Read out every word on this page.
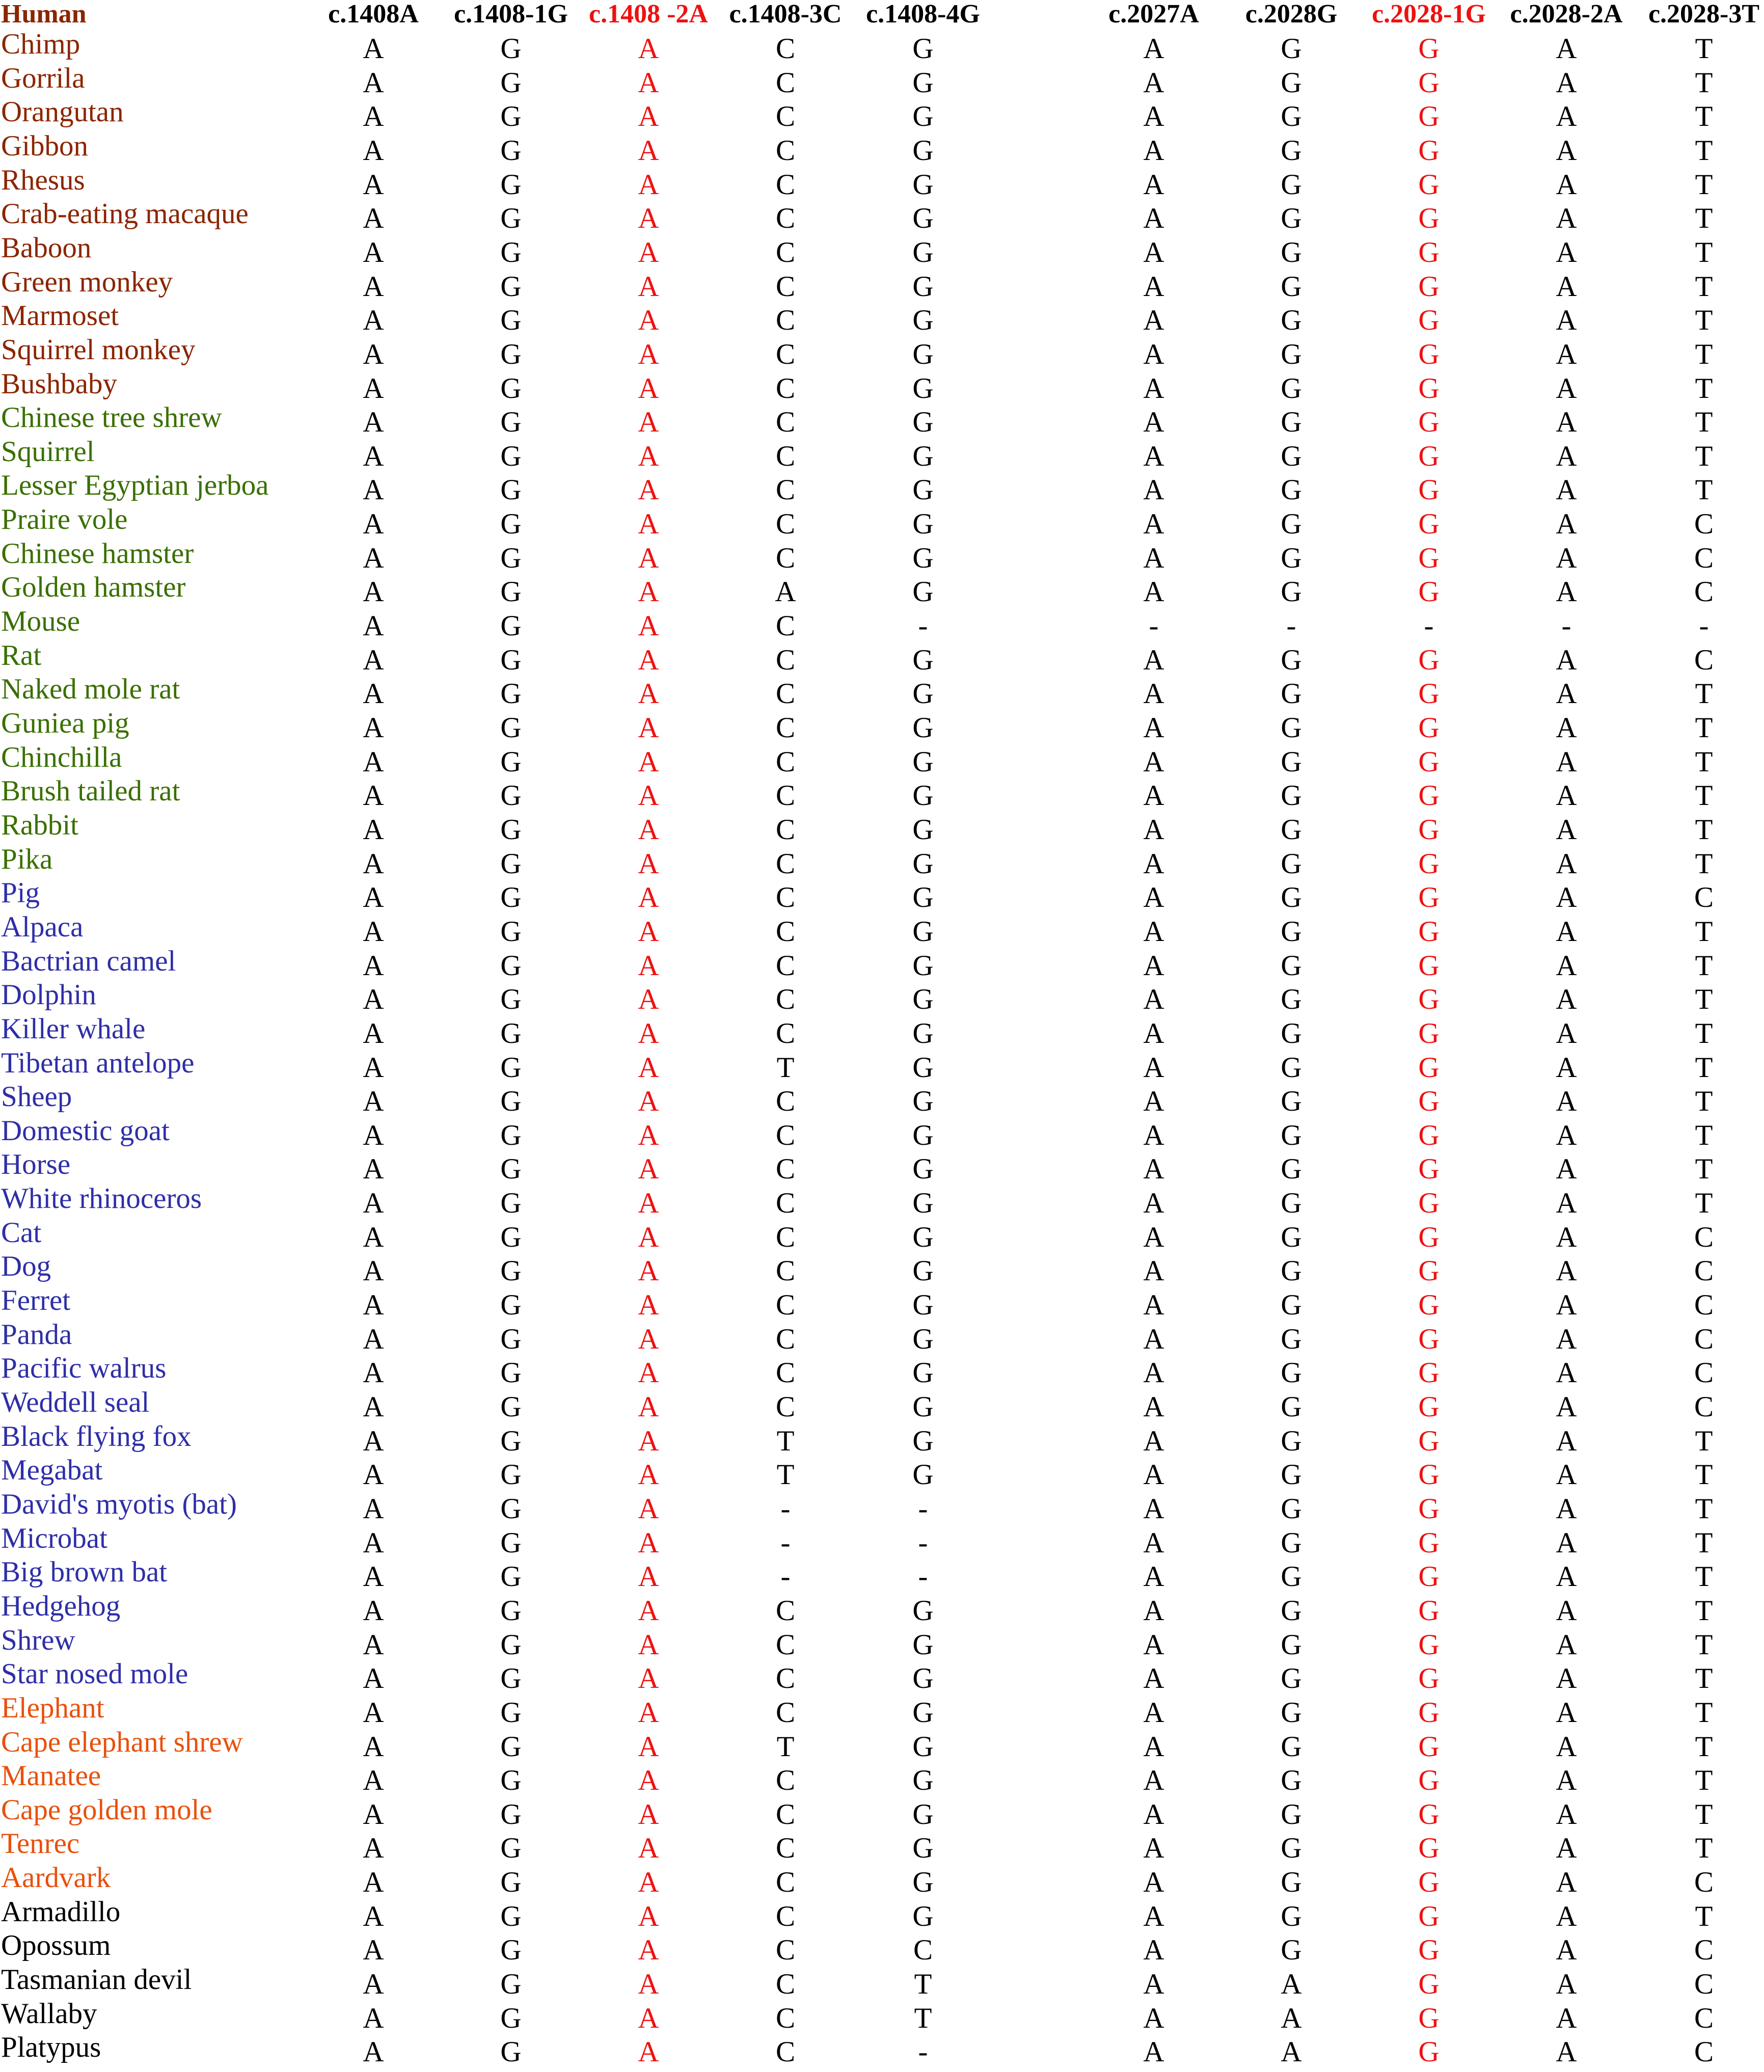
Human	c.1408A	c.1408-1G c.1408 -2A c.1408-3C c.1408-4G	c.2027A	c.2028G	c.2028-1G c.2028-2A c.2028-3T
Chimp	A	G	A	C	G	A	G	G	A	T
Gorrila	A	G	A	C	G	A	G	G	A	T
Orangutan	A	G	A	C	G	A	G	G	A	T
Gibbon	A	G	A	C	G	A	G	G	A	T
Rhesus	A	G	A	C	G	A	G	G	A	T
Crab-eating macaque	A	G	A	C	G	A	G	G	A	T
Baboon	A	G	A	C	G	A	G	G	A	T
Green monkey	A	G	A	C	G	A	G	G	A	T
Marmoset	A	G	A	C	G	A	G	G	A	T
Squirrel monkey	A	G	A	C	G	A	G	G	A	T
Bushbaby	A	G	A	C	G	A	G	G	A	T
Chinese tree shrew	A	G	A	C	G	A	G	G	A	T
Squirrel	A	G	A	C	G	A	G	G	A	T
Lesser Egyptian jerboa	A	G	A	C	G	A	G	G	A	T
Praire vole	A	G	A	C	G	A	G	G	A	C
Chinese hamster	A	G	A	C	G	A	G	G	A	C
Golden hamster	A	G	A	A	G	A	G	G	A	C
Mouse	A	G	A	C	-	-	-	-	-	-
Rat	A	G	A	C	G	A	G	G	A	C
Naked mole rat	A	G	A	C	G	A	G	G	A	T
Guniea pig	A	G	A	C	G	A	G	G	A	T
Chinchilla	A	G	A	C	G	A	G	G	A	T
Brush tailed rat	A	G	A	C	G	A	G	G	A	T
Rabbit	A	G	A	C	G	A	G	G	A	T
Pika	A	G	A	C	G	A	G	G	A	T
Pig	A	G	A	C	G	A	G	G	A	C
Alpaca	A	G	A	C	G	A	G	G	A	T
Bactrian camel	A	G	A	C	G	A	G	G	A	T
Dolphin	A	G	A	C	G	A	G	G	A	T
Killer whale	A	G	A	C	G	A	G	G	A	T
Tibetan antelope	A	G	A	T	G	A	G	G	A	T
Sheep	A	G	A	C	G	A	G	G	A	T
Domestic goat	A	G	A	C	G	A	G	G	A	T
Horse	A	G	A	C	G	A	G	G	A	T
White rhinoceros	A	G	A	C	G	A	G	G	A	T
Cat	A	G	A	C	G	A	G	G	A	C
Dog	A	G	A	C	G	A	G	G	A	C
Ferret	A	G	A	C	G	A	G	G	A	C
Panda	A	G	A	C	G	A	G	G	A	C
Pacific walrus	A	G	A	C	G	A	G	G	A	C
Weddell seal	A	G	A	C	G	A	G	G	A	C
Black flying fox	A	G	A	T	G	A	G	G	A	T
Megabat	A	G	A	T	G	A	G	G	A	T
David's myotis (bat)	A	G	A	-	-	A	G	G	A	T
Microbat	A	G	A	-	-	A	G	G	A	T
Big brown bat	A	G	A	-	-	A	G	G	A	T
Hedgehog	A	G	A	C	G	A	G	G	A	T
Shrew	A	G	A	C	G	A	G	G	A	T
Star nosed mole	A	G	A	C	G	A	G	G	A	T
Elephant	A	G	A	C	G	A	G	G	A	T
Cape elephant shrew	A	G	A	T	G	A	G	G	A	T
Manatee	A	G	A	C	G	A	G	G	A	T
Cape golden mole	A	G	A	C	G	A	G	G	A	T
Tenrec	A	G	A	C	G	A	G	G	A	T
Aardvark	A	G	A	C	G	A	G	G	A	C
Armadillo	A	G	A	C	G	A	G	G	A	T
Opossum	A	G	A	C	C	A	G	G	A	C
Tasmanian devil	A	G	A	C	T	A	A	G	A	C
Wallaby	A	G	A	C	T	A	A	G	A	C
Platypus	A	G	A	C	-	A	A	G	A	C
